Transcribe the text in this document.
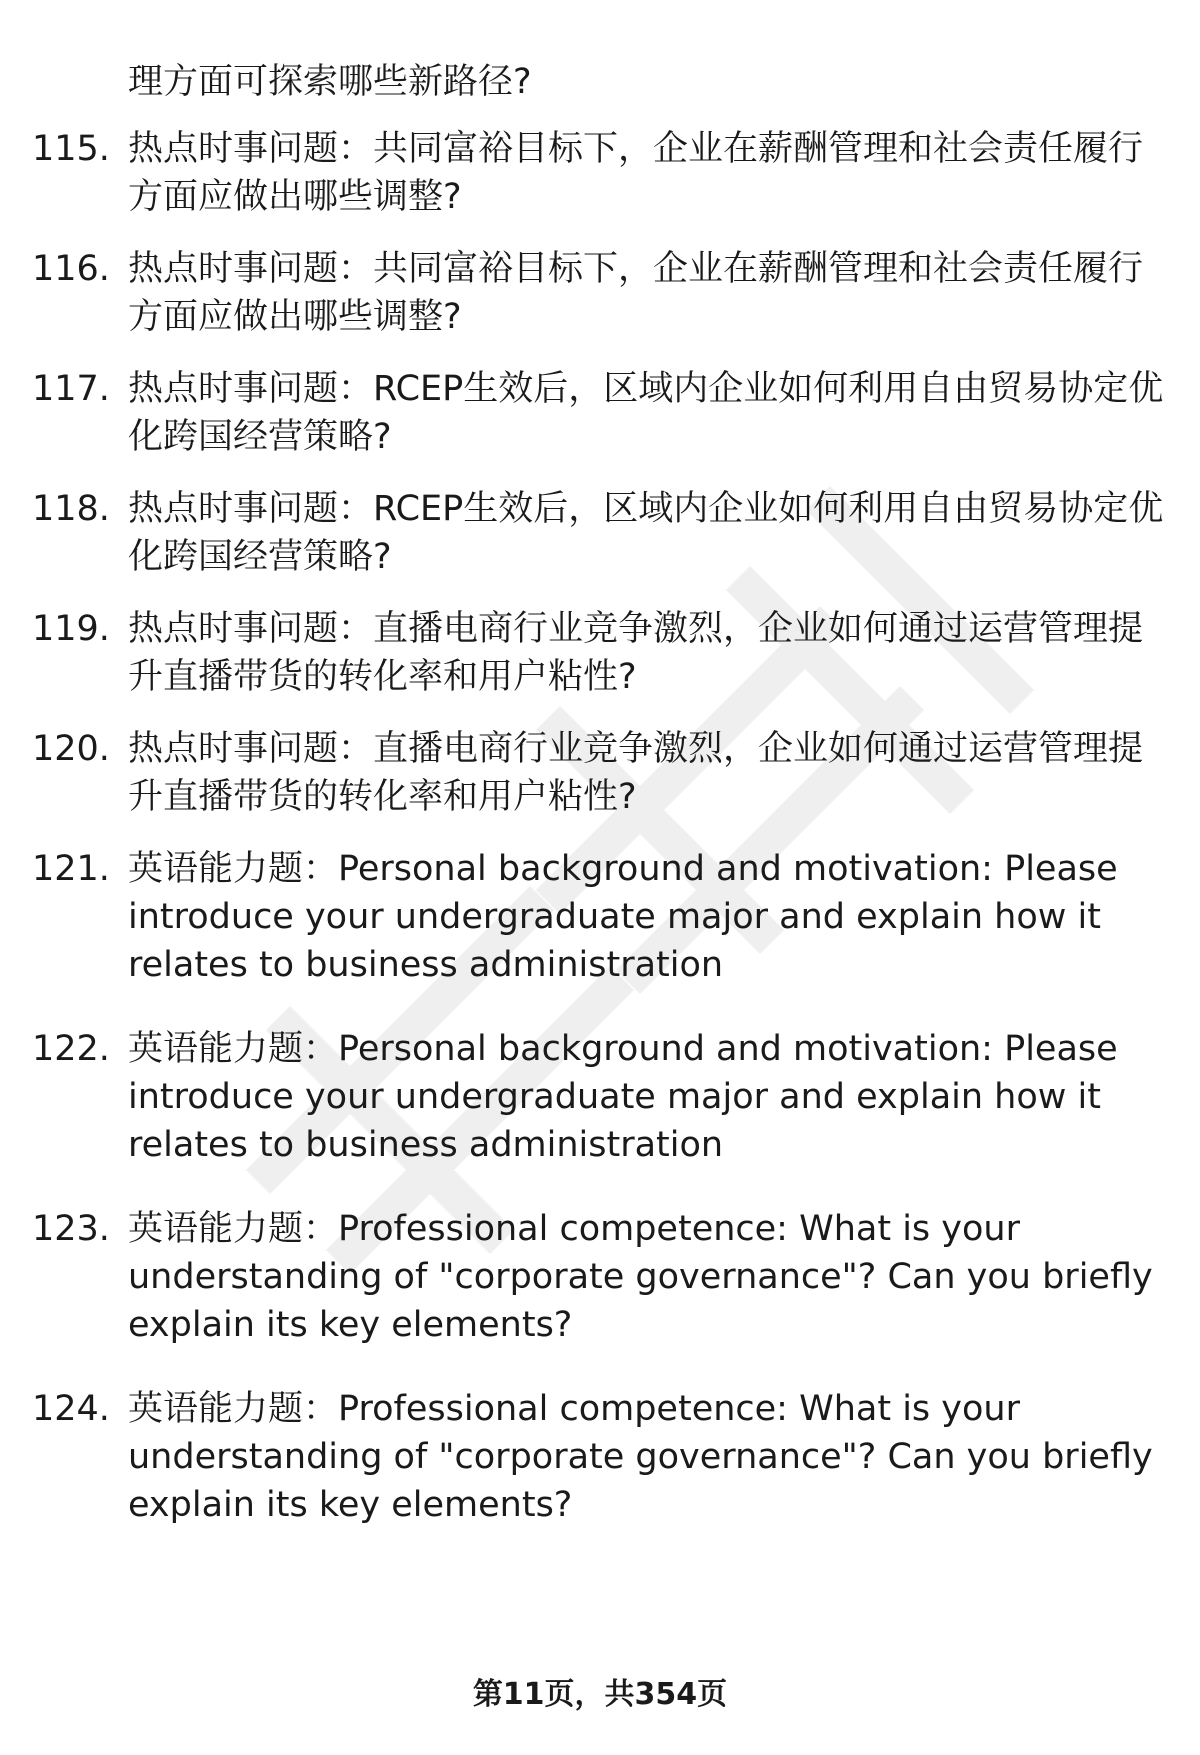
理方面可探索哪些新路径?

115. 热点时事问题：共同富裕目标下，企业在薪酬管理和社会责任履行方面应做出哪些调整?
116. 热点时事问题：共同富裕目标下，企业在薪酬管理和社会责任履行方面应做出哪些调整?
117. 热点时事问题：RCEP生效后，区域内企业如何利用自由贸易协定优化跨国经营策略?
118. 热点时事问题：RCEP生效后，区域内企业如何利用自由贸易协定优化跨国经营策略?
119. 热点时事问题：直播电商行业竞争激烈，企业如何通过运营管理提升直播带货的转化率和用户粘性?
120. 热点时事问题：直播电商行业竞争激烈，企业如何通过运营管理提升直播带货的转化率和用户粘性?
121. 英语能力题：Personal background and motivation: Please introduce your undergraduate major and explain how it relates to business administration
122. 英语能力题：Personal background and motivation: Please introduce your undergraduate major and explain how it relates to business administration
123. 英语能力题：Professional competence: What is your understanding of "corporate governance"? Can you briefly explain its key elements?
124. 英语能力题：Professional competence: What is your understanding of "corporate governance"? Can you briefly explain its key elements?
第11页，共354页
